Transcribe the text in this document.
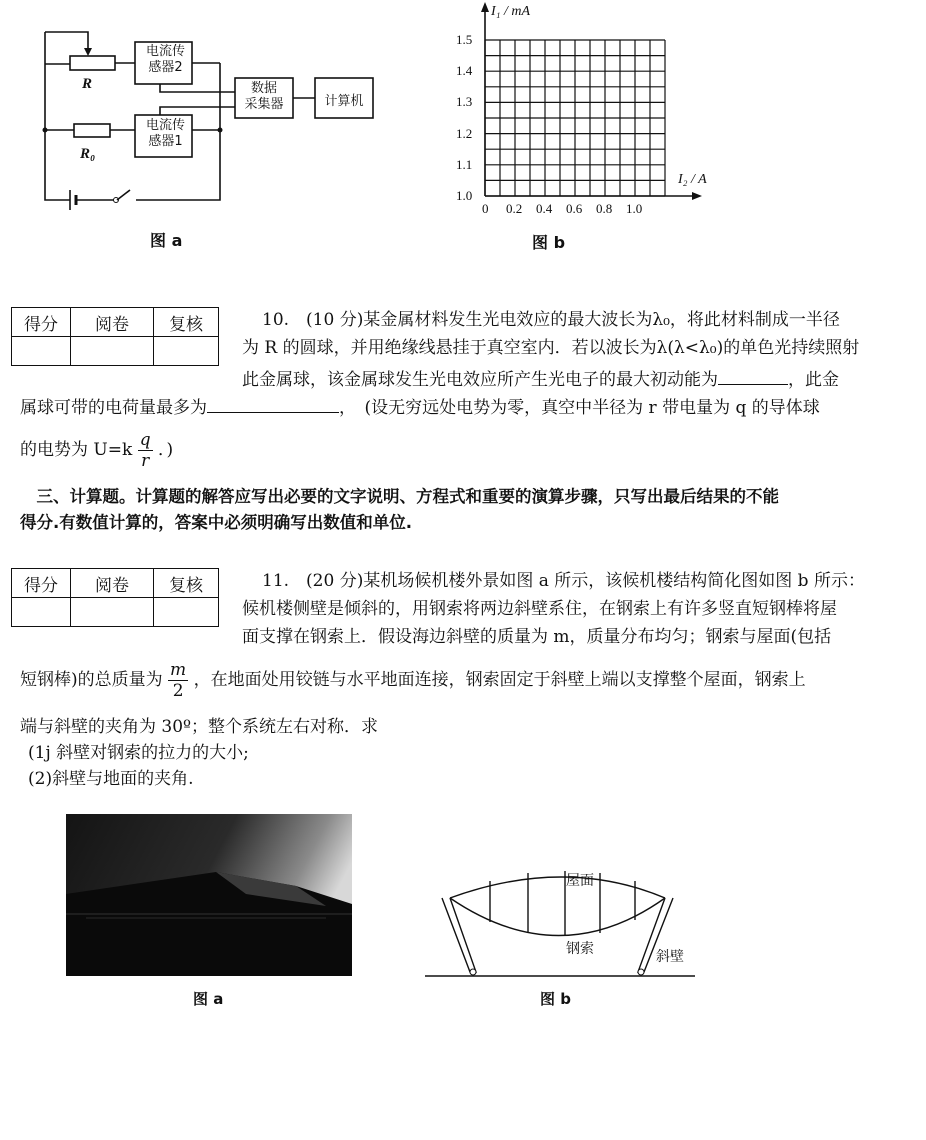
R
R₀
电流传
感器2
电流传
感器1
数据
采集器	计算机
图 a
I₁ / mA
I₂ / A
1.5
1.4
1.3
1.2
1.1
1.0
0 0.2 0.4 0.6 0.8 1.0
图 b
得分	阅卷	复核
			10.　(10 分)某金属材料发生光电效应的最大波长为λ₀，将此材料制成一半径
为 R 的圆球，并用绝缘线悬挂于真空室内．若以波长为λ(λ<λ₀)的单色光持续照射
此金属球，该金属球发生光电效应所产生光电子的最大初动能为	，此金
属球可带的电荷量最多为	，　(设无穷远处电势为零，真空中半径为 r 带电量为 q 的导体球
的电势为 $U=k \frac{q}{r}$ ．)
　三、计算题。计算题的解答应写出必要的文字说明、方程式和重要的演算步骤，只写出最后结果的不能
得分.有数值计算的，答案中必须明确写出数值和单位.
得分	阅卷	复核
			11.　(20 分)某机场候机楼外景如图 a 所示，该候机楼结构简化图如图 b 所示：
候机楼侧壁是倾斜的，用钢索将两边斜壁系住，在钢索上有许多竖直短钢棒将屋
面支撑在钢索上．假设海边斜壁的质量为 m，质量分布均匀；钢索与屋面(包括
短钢棒)的总质量为 $\frac{m}{2}$ ，在地面处用铰链与水平地面连接，钢索固定于斜壁上端以支撑整个屋面，钢索上
端与斜壁的夹角为 30º；整个系统左右对称．求
(1j 斜壁对钢索的拉力的大小;
(2)斜壁与地面的夹角.
图 a
屋面
钢索	斜壁
图 b
